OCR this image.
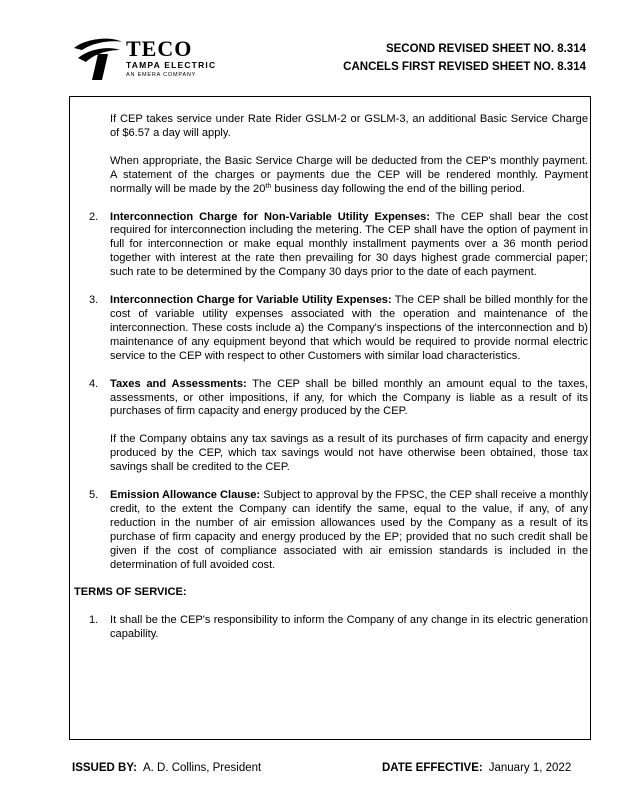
TECO
TAMPA ELECTRIC
AN EMERA COMPANY
SECOND REVISED SHEET NO. 8.314
CANCELS FIRST REVISED SHEET NO. 8.314

If CEP takes service under Rate Rider GSLM-2 or GSLM-3, an additional Basic Service Charge of $6.57 a day will apply.

When appropriate, the Basic Service Charge will be deducted from the CEP's monthly payment. A statement of the charges or payments due the CEP will be rendered monthly. Payment normally will be made by the 20th business day following the end of the billing period.

2. Interconnection Charge for Non-Variable Utility Expenses: The CEP shall bear the cost required for interconnection including the metering. The CEP shall have the option of payment in full for interconnection or make equal monthly installment payments over a 36 month period together with interest at the rate then prevailing for 30 days highest grade commercial paper; such rate to be determined by the Company 30 days prior to the date of each payment.

3. Interconnection Charge for Variable Utility Expenses: The CEP shall be billed monthly for the cost of variable utility expenses associated with the operation and maintenance of the interconnection. These costs include a) the Company's inspections of the interconnection and b) maintenance of any equipment beyond that which would be required to provide normal electric service to the CEP with respect to other Customers with similar load characteristics.

4. Taxes and Assessments: The CEP shall be billed monthly an amount equal to the taxes, assessments, or other impositions, if any, for which the Company is liable as a result of its purchases of firm capacity and energy produced by the CEP.

If the Company obtains any tax savings as a result of its purchases of firm capacity and energy produced by the CEP, which tax savings would not have otherwise been obtained, those tax savings shall be credited to the CEP.

5. Emission Allowance Clause: Subject to approval by the FPSC, the CEP shall receive a monthly credit, to the extent the Company can identify the same, equal to the value, if any, of any reduction in the number of air emission allowances used by the Company as a result of its purchase of firm capacity and energy produced by the EP; provided that no such credit shall be given if the cost of compliance associated with air emission standards is included in the determination of full avoided cost.

TERMS OF SERVICE:
1. It shall be the CEP's responsibility to inform the Company of any change in its electric generation capability.

ISSUED BY: A. D. Collins, President	DATE EFFECTIVE: January 1, 2022
